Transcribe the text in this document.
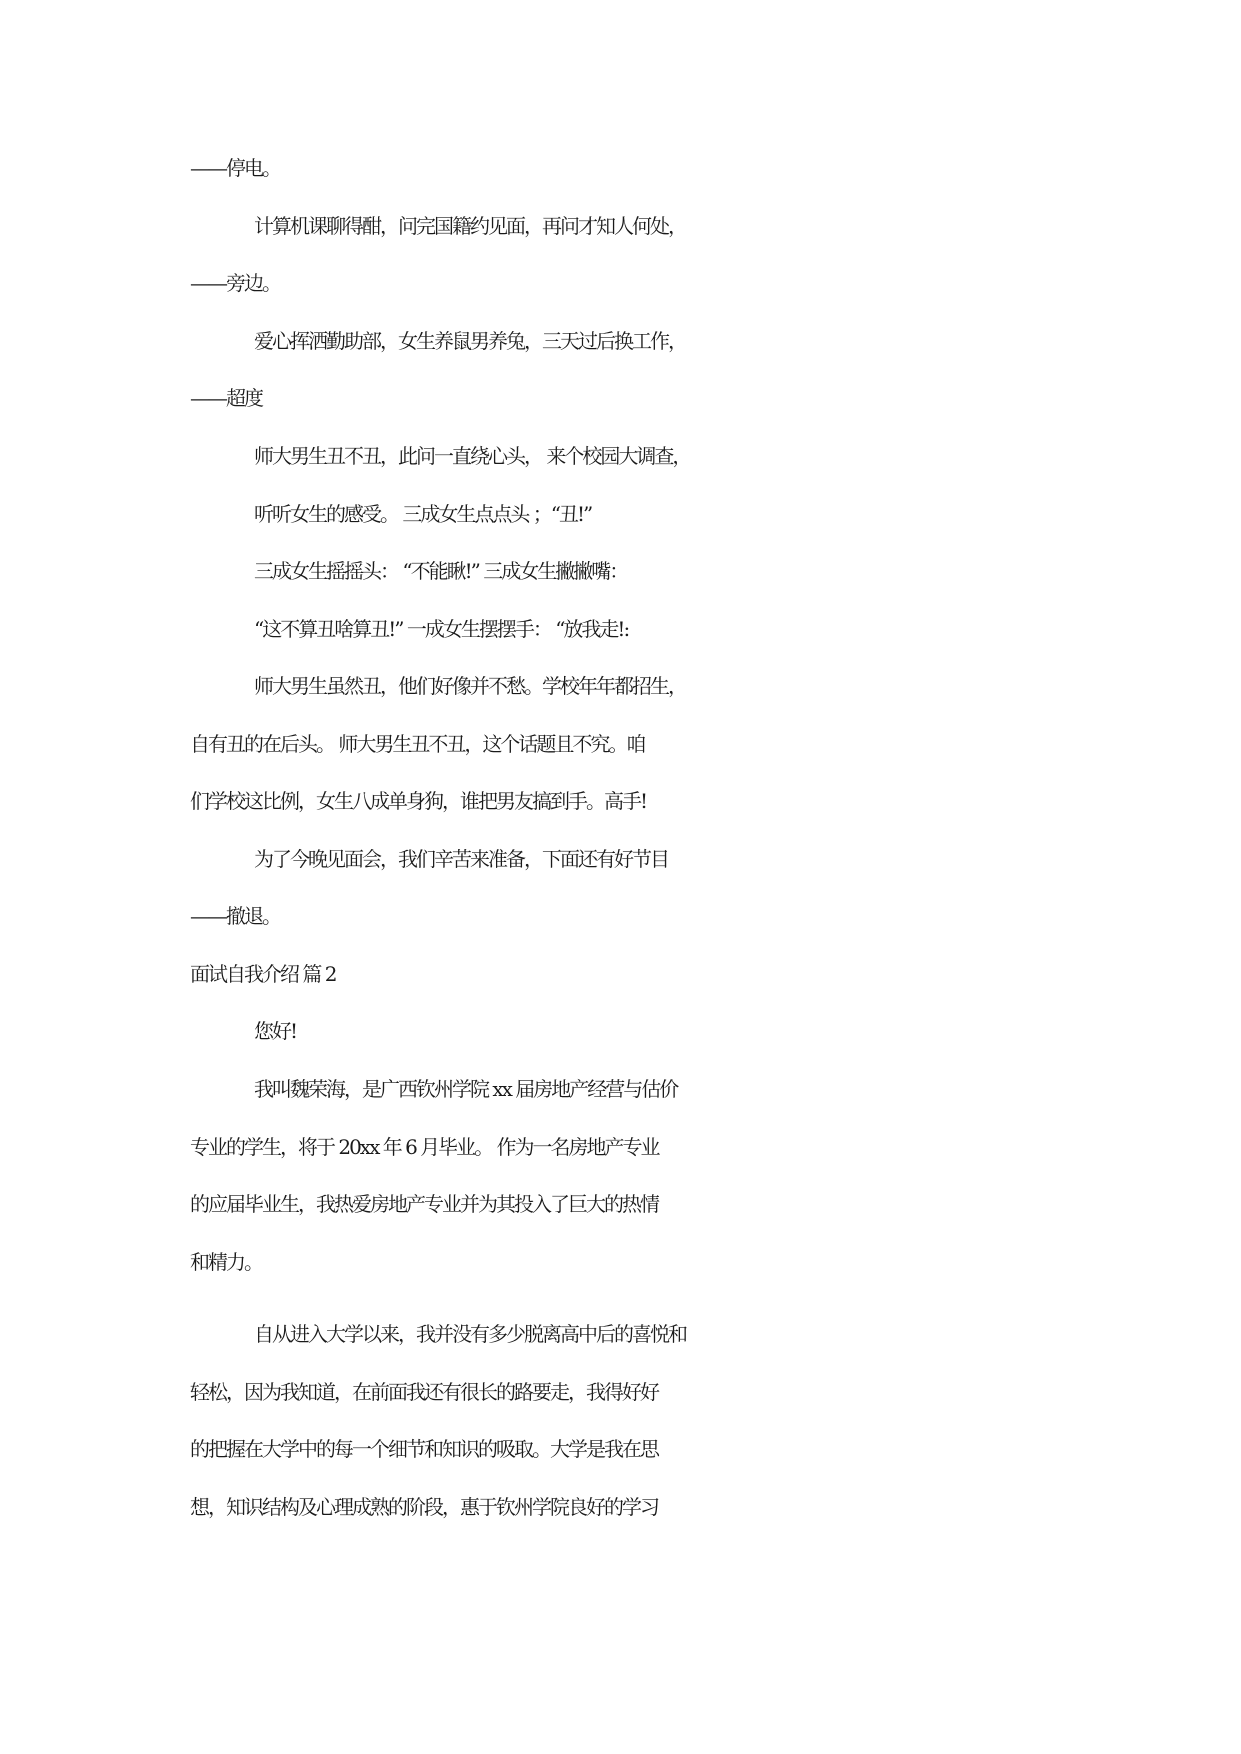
——停电。
计算机课聊得酣，问完国籍约见面，再问才知人何处，
——旁边。
爱心挥洒勤助部，女生养鼠男养兔，三天过后换工作，
——超度
师大男生丑不丑，此问一直绕心头， 来个校园大调查，
听听女生的感受。 三成女生点点头 ；“丑!”
三成女生摇摇头： “不能瞅!” 三成女生撇撇嘴：
“这不算丑啥算丑!” 一成女生摆摆手： “放我走!:
师大男生虽然丑，他们好像并不愁。学校年年都招生，
自有丑的在后头。 师大男生丑不丑，这个话题且不究。咱
们学校这比例，女生八成单身狗，谁把男友搞到手。高手!
为了今晚见面会，我们辛苦来准备，下面还有好节目
——撤退。
面试自我介绍 篇 2
您好!
我叫魏荣海，是广西钦州学院 xx 届房地产经营与估价
专业的学生，将于 20xx 年 6 月毕业。 作为一名房地产专业
的应届毕业生，我热爱房地产专业并为其投入了巨大的热情
和精力。
自从进入大学以来，我并没有多少脱离高中后的喜悦和
轻松，因为我知道，在前面我还有很长的路要走，我得好好
的把握在大学中的每一个细节和知识的吸取。大学是我在思
想，知识结构及心理成熟的阶段，惠于钦州学院良好的学习
